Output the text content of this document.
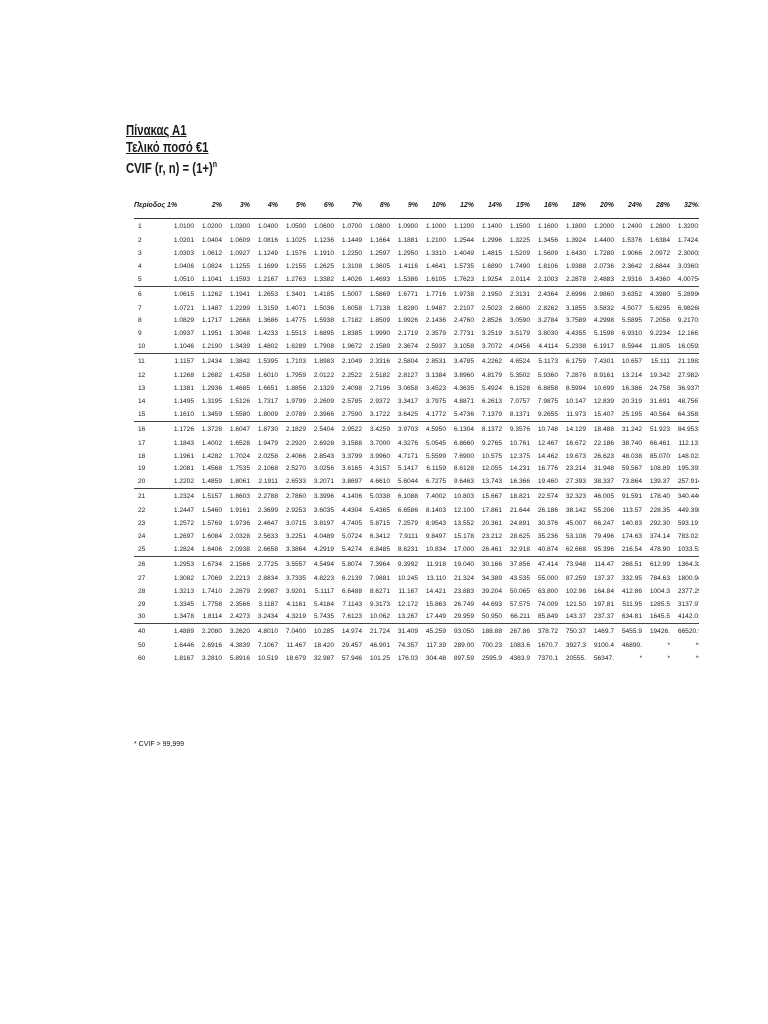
Πίνακας Α1
Τελικό ποσό €1
CVIF (r, $n) = (1+)^n$
Περίοδος 1%		2%	3%	4%	5%	6%	7%	8%	9%	10%	12%	14%	15%	16%	18%	20%	24%	28%	32%	
1	1.0100	1.0200	1.0300	1.0400	1.0500	1.0600	1.0700	1.0800	1.0900	1.1000	1.1200	1.1400	1.1500	1.1600	1.1800	1.2000	1.2400	1.2800	1.3200	
2	1.0201	1.0404	1.0609	1.0816	1.1025	1.1236	1.1449	1.1664	1.1881	1.2100	1.2544	1.2996	1.3225	1.3456	1.3924	1.4400	1.5376	1.6384	1.7424	
3	1.0303	1.0612	1.0927	1.1249	1.1576	1.1910	1.2250	1.2597	1.2950	1.3310	1.4049	1.4815	1.5209	1.5609	1.6430	1.7280	1.9066	2.0972	2.3000	
4	1.0406	1.0824	1.1255	1.1699	1.2155	1.2625	1.3108	1.3605	1.4116	1.4641	1.5735	1.6890	1.7490	1.8106	1.9388	2.0736	2.3642	2.6844	3.0360	
5	1.0510	1.1041	1.1593	1.2167	1.2763	1.3382	1.4026	1.4693	1.5386	1.6105	1.7623	1.9254	2.0114	2.1003	2.2878	2.4883	2.9316	3.4360	4.0075	
6	1.0615	1.1262	1.1941	1.2653	1.3401	1.4185	1.5007	1.5869	1.6771	1.7716	1.9738	2.1950	2.3131	2.4364	2.6996	2.9860	3.6352	4.3980	5.2899	
7	1.0721	1.1487	1.2299	1.3159	1.4071	1.5036	1.6058	1.7138	1.8280	1.9487	2.2107	2.5023	2.6600	2.8262	3.1855	3.5832	4.5077	5.6295	6.9826	
8	1.0829	1.1717	1.2668	1.3686	1.4775	1.5938	1.7182	1.8509	1.9926	2.1436	2.4760	2.8526	3.0590	3.2784	3.7589	4.2998	5.5895	7.2058	9.2170	
9	1.0937	1.1951	1.3048	1.4233	1.5513	1.6895	1.8385	1.9990	2.1719	2.3579	2.7731	3.2519	3.5179	3.8030	4.4355	5.1598	6.9310	9.2234	12.166	
10	1.1046	1.2190	1.3439	1.4802	1.6289	1.7908	1.9672	2.1589	2.3674	2.5937	3.1058	3.7072	4.0456	4.4114	5.2338	6.1917	8.5944	11.805	16.059	
11	1.1157	1.2434	1.3842	1.5395	1.7103	1.8983	2.1049	2.3316	2.5804	2.8531	3.4785	4.2262	4.6524	5.1173	6.1759	7.4301	10.657	15.111	21.198	
12	1.1268	1.2682	1.4258	1.6010	1.7959	2.0122	2.2522	2.5182	2.8127	3.1384	3.8960	4.8179	5.3502	5.9360	7.2876	8.9161	13.214	19.342	27.982	
13	1.1381	1.2936	1.4685	1.6651	1.8856	2.1329	2.4098	2.7196	3.0658	3.4523	4.3635	5.4924	6.1528	6.8858	8.5994	10.699	16.386	24.758	36.937	
14	1.1495	1.3195	1.5126	1.7317	1.9799	2.2609	2.5785	2.9372	3.3417	3.7975	4.8871	6.2613	7.0757	7.9875	10.147	12.839	20.319	31.691	48.756	
15	1.1610	1.3459	1.5580	1.8009	2.0789	2.3966	2.7590	3.1722	3.6425	4.1772	5.4736	7.1379	8.1371	9.2655	11.973	15.407	25.195	40.564	64.358	
16	1.1726	1.3728	1.6047	1.8730	2.1829	2.5404	2.9522	3.4259	3.9703	4.5950	6.1304	8.1372	9.3576	10.748	14.129	18.488	31.242	51.923	84.953	
17	1.1843	1.4002	1.6528	1.9479	2.2920	2.6928	3.1588	3.7000	4.3276	5.0545	6.8660	9.2765	10.761	12.467	16.672	22.186	38.740	66.461	112.13	
18	1.1961	1.4282	1.7024	2.0258	2.4066	2.8543	3.3799	3.9960	4.7171	5.5599	7.6900	10.575	12.375	14.462	19.673	26.623	48.038	85.070	148.02	
19	1.2081	1.4568	1.7535	2.1068	2.5270	3.0256	3.6165	4.3157	5.1417	6.1159	8.6128	12.055	14.231	16.776	23.214	31.948	59.567	108.89	195.39	
20	1.2202	1.4859	1.8061	2.1911	2.6533	3.2071	3.8697	4.6610	5.6044	6.7275	9.6463	13.743	16.366	19.460	27.393	38.337	73.864	139.37	257.91	
21	1.2324	1.5157	1.8603	2.2788	2.7860	3.3996	4.1406	5.0338	6.1088	7.4002	10.803	15.667	18.821	22.574	32.323	46.005	91.591	178.40	340.44	
22	1.2447	1.5460	1.9161	2.3699	2.9253	3.6035	4.4304	5.4365	6.6586	8.1403	12.100	17.861	21.644	26.186	38.142	55.206	113.57	228.35	449.39	
23	1.2572	1.5769	1.9736	2.4647	3.0715	3.8197	4.7405	5.8715	7.2579	8.9543	13.552	20.361	24.891	30.376	45.007	66.247	140.83	292.30	593.19	
24	1.2697	1.6084	2.0328	2.5633	3.2251	4.0489	5.0724	6.3412	7.9111	9.8497	15.178	23.212	28.625	35.236	53.108	79.496	174.63	374.14	783.02	
25	1.2824	1.6406	2.0938	2.6658	3.3864	4.2919	5.4274	6.8485	8.6231	10.834	17.000	26.461	32.918	40.874	62.668	95.396	216.54	478.90	1033.5	
26	1.2953	1.6734	2.1566	2.7725	3.5557	4.5494	5.8074	7.3964	9.3992	11.918	19.040	30.166	37.856	47.414	73.948	114.47	268.51	612.99	1364.3	
27	1.3082	1.7069	2.2213	2.8834	3.7335	4.8223	6.2139	7.9881	10.245	13.110	21.324	34.389	43.535	55.000	87.259	137.37	332.95	784.63	1800.9	
28	1.3213	1.7410	2.2879	2.9987	3.9201	5.1117	6.6488	8.6271	11.167	14.421	23.883	39.204	50.065	63.800	102.96	164.84	412.86	1004.3	2377.2	
29	1.3345	1.7758	2.3566	3.1187	4.1161	5.4184	7.1143	9.3173	12.172	15.863	26.749	44.693	57.575	74.009	121.50	197.81	511.95	1285.5	3137.9	
30	1.3478	1.8114	2.4273	3.2434	4.3219	5.7435	7.6123	10.062	13.267	17.449	29.959	50.950	66.211	85.849	143.37	237.37	634.81	1645.5	4142.0	
40	1.4889	2.2080	3.2620	4.8010	7.0400	10.285	14.974	21.724	31.409	45.259	93.050	188.88	267.86	378.72	750.37	1469.7	5455.9	19426.	66520.	
50	1.6446	2.6916	4.3839	7.1067	11.467	18.420	29.457	46.901	74.357	117.39	289.00	700.23	1083.6	1670.7	3927.3	9100.4	46890.	*	*	
60	1.8167	3.2810	5.8916	10.519	18.679	32.987	57.946	101.25	176.03	304.48	897.59	2595.9	4383.9	7370.1	20555.	56347.	*	*	*	
* CVIF > 99,999
